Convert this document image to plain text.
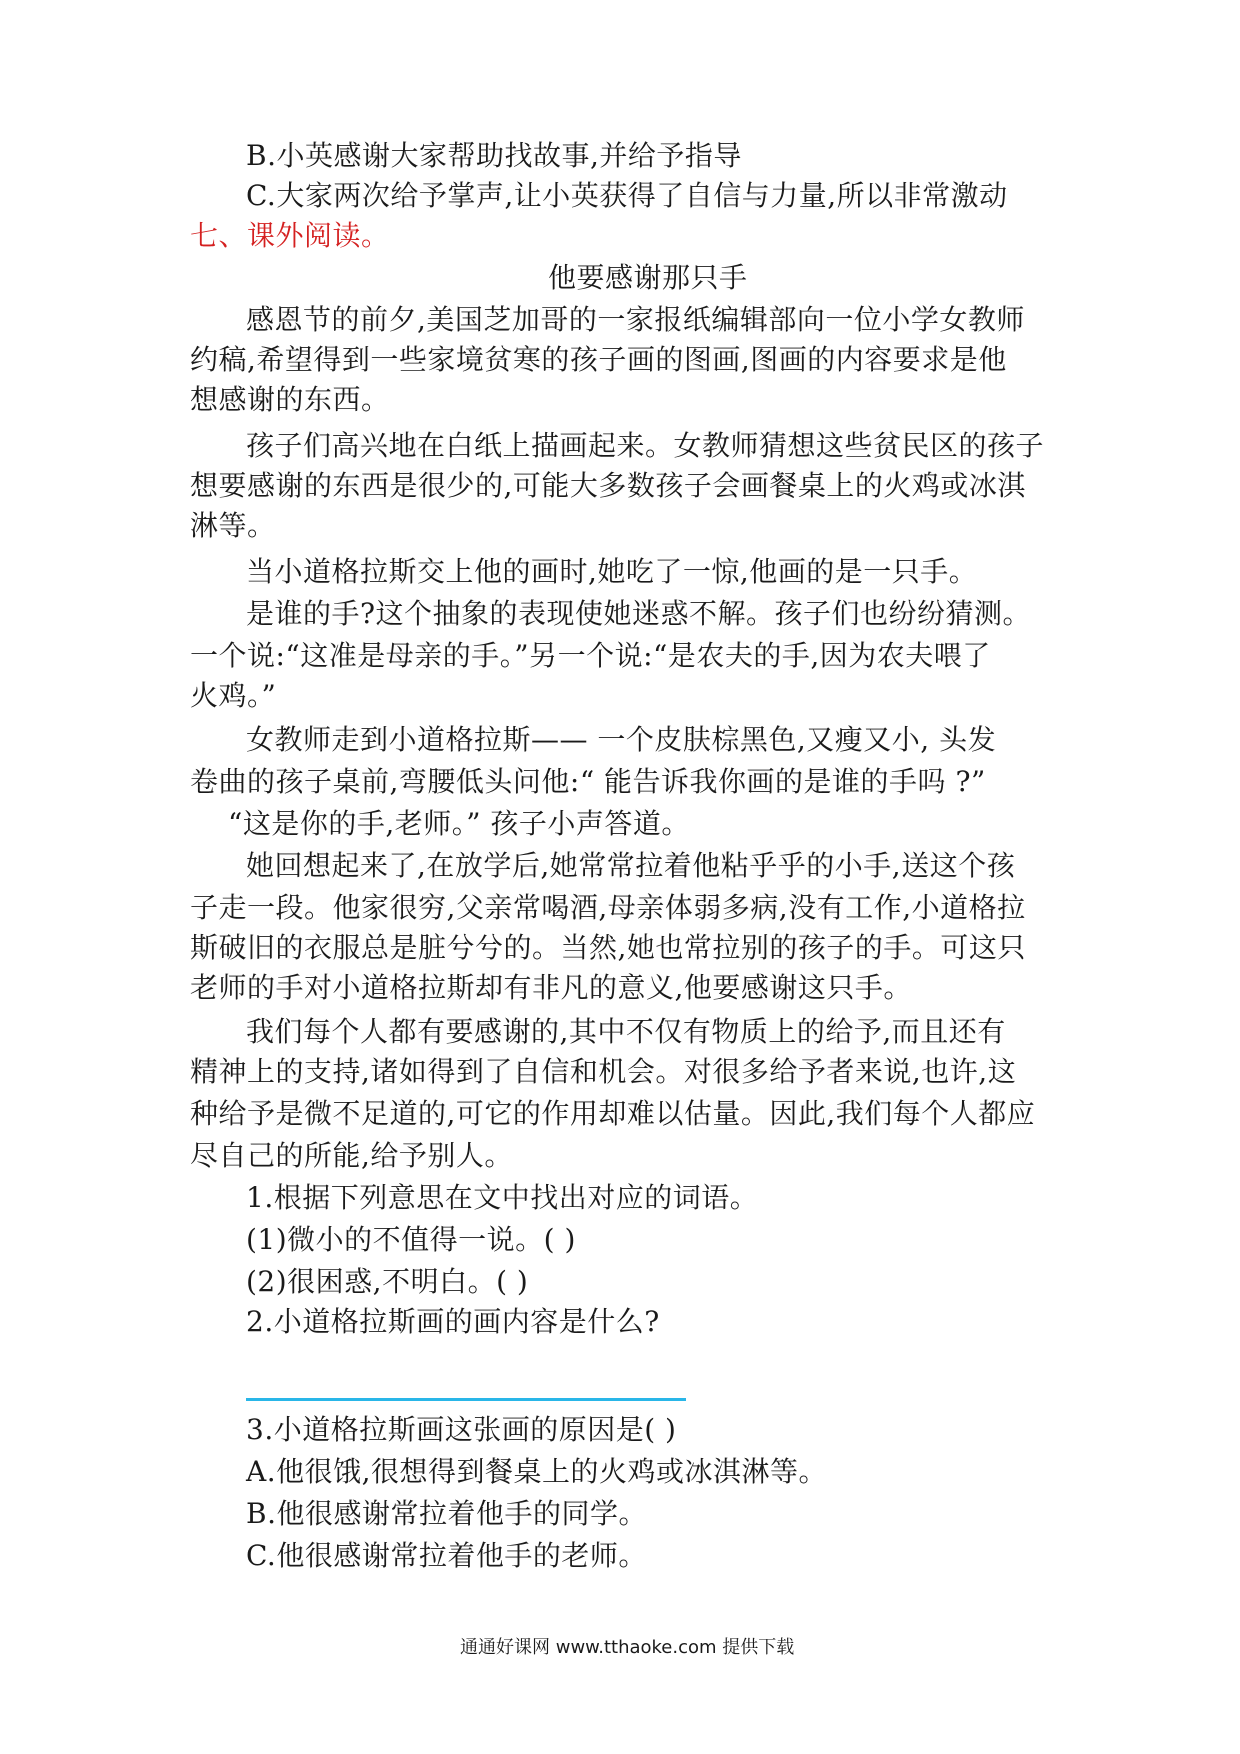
B.小英感谢大家帮助找故事,并给予指导
C.大家两次给予掌声,让小英获得了自信与力量,所以非常激动
七、课外阅读。
他要感谢那只手
感恩节的前夕,美国芝加哥的一家报纸编辑部向一位小学女教师
约稿,希望得到一些家境贫寒的孩子画的图画,图画的内容要求是他
想感谢的东西。
孩子们高兴地在白纸上描画起来。女教师猜想这些贫民区的孩子
想要感谢的东西是很少的,可能大多数孩子会画餐桌上的火鸡或冰淇
淋等。
当小道格拉斯交上他的画时,她吃了一惊,他画的是一只手。
是谁的手?这个抽象的表现使她迷惑不解。孩子们也纷纷猜测。
一个说:“这准是母亲的手。”另一个说:“是农夫的手,因为农夫喂了
火鸡。”
女教师走到小道格拉斯—— 一个皮肤棕黑色,又瘦又小, 头发
卷曲的孩子桌前,弯腰低头问他:“ 能告诉我你画的是谁的手吗 ?”
“这是你的手,老师。” 孩子小声答道。
她回想起来了,在放学后,她常常拉着他粘乎乎的小手,送这个孩
子走一段。他家很穷,父亲常喝酒,母亲体弱多病,没有工作,小道格拉
斯破旧的衣服总是脏兮兮的。当然,她也常拉别的孩子的手。可这只
老师的手对小道格拉斯却有非凡的意义,他要感谢这只手。
我们每个人都有要感谢的,其中不仅有物质上的给予,而且还有
精神上的支持,诸如得到了自信和机会。对很多给予者来说,也许,这
种给予是微不足道的,可它的作用却难以估量。因此,我们每个人都应
尽自己的所能,给予别人。
1.根据下列意思在文中找出对应的词语。
(1)微小的不值得一说。( )
(2)很困惑,不明白。( )
2.小道格拉斯画的画内容是什么?
3.小道格拉斯画这张画的原因是( )
A.他很饿,很想得到餐桌上的火鸡或冰淇淋等。
B.他很感谢常拉着他手的同学。
C.他很感谢常拉着他手的老师。
通通好课网 www.tthaoke.com 提供下载
